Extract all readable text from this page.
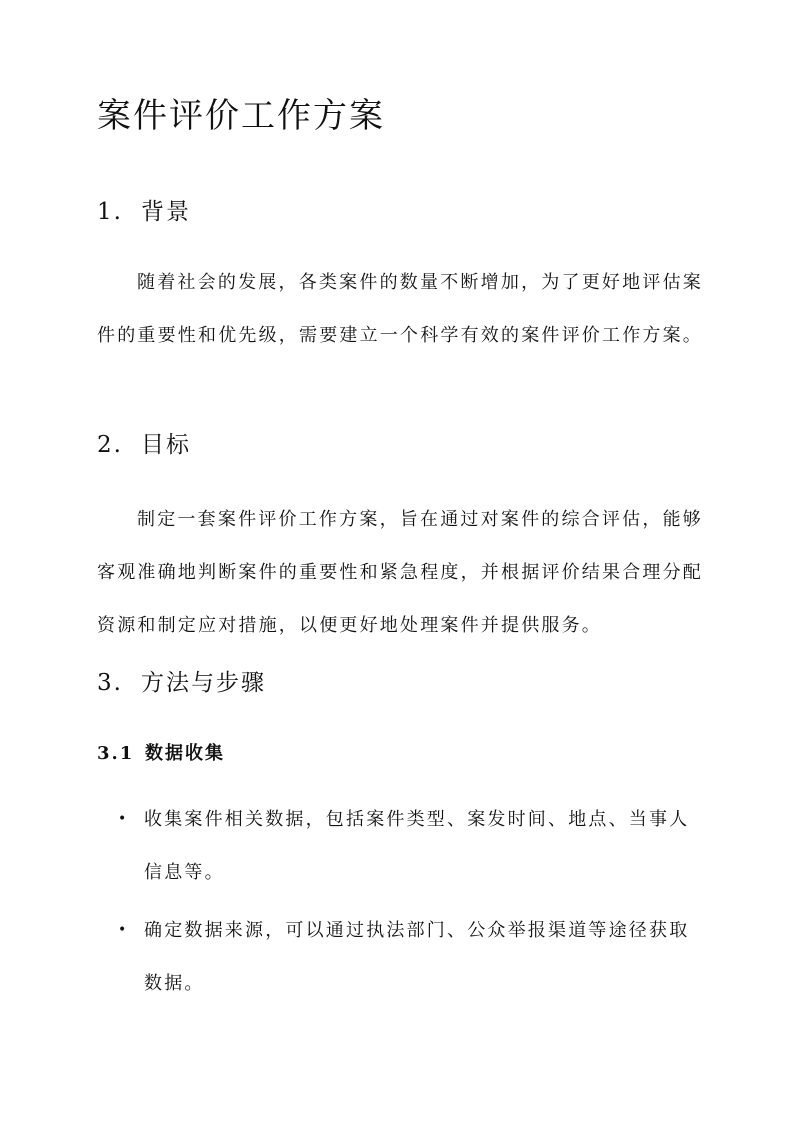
案件评价工作方案
1. 背景

随着社会的发展，各类案件的数量不断增加，为了更好地评估案件的重要性和优先级，需要建立一个科学有效的案件评价工作方案。

2. 目标

制定一套案件评价工作方案，旨在通过对案件的综合评估，能够客观准确地判断案件的重要性和紧急程度，并根据评价结果合理分配资源和制定应对措施，以便更好地处理案件并提供服务。

3. 方法与步骤
3.1 数据收集
• 收集案件相关数据，包括案件类型、案发时间、地点、当事人信息等。
• 确定数据来源，可以通过执法部门、公众举报渠道等途径获取数据。
